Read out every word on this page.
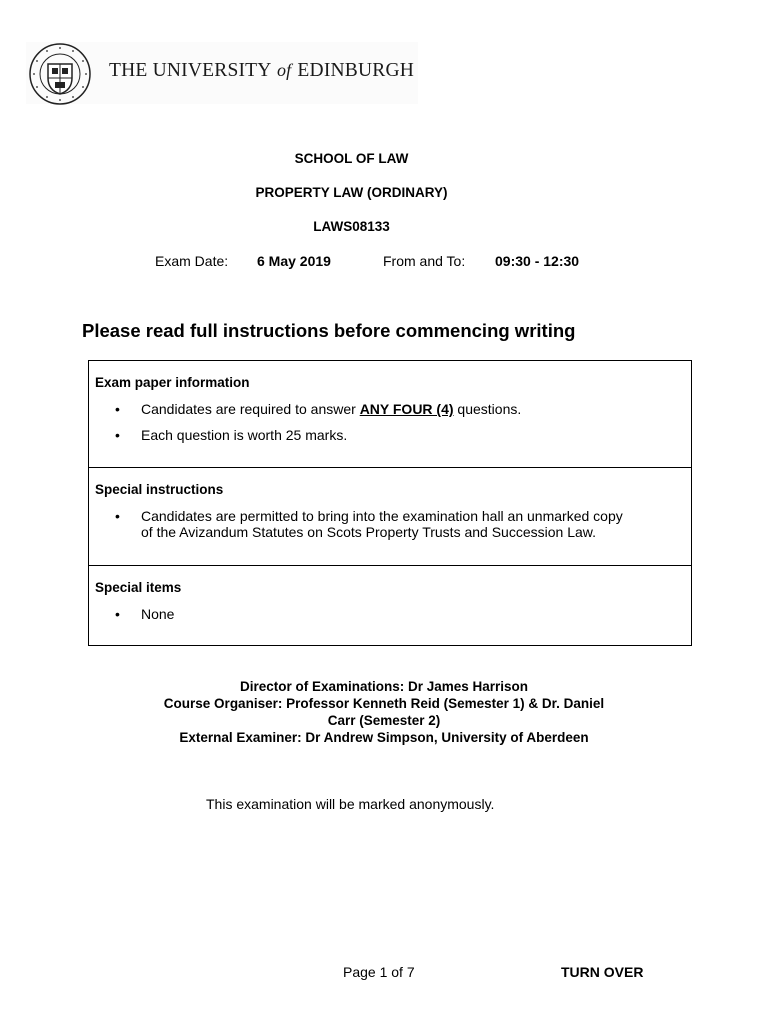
THE UNIVERSITY of EDINBURGH
SCHOOL OF LAW
PROPERTY LAW (ORDINARY)
LAWS08133
Exam Date: 6 May 2019	From and To: 09:30 - 12:30
Please read full instructions before commencing writing
Exam paper information
• Candidates are required to answer ANY FOUR (4) questions.
• Each question is worth 25 marks.
Special instructions
• Candidates are permitted to bring into the examination hall an unmarked copy
of the Avizandum Statutes on Scots Property Trusts and Succession Law.
Special items
• None
Director of Examinations: Dr James Harrison
Course Organiser: Professor Kenneth Reid (Semester 1) & Dr. Daniel
Carr (Semester 2)
External Examiner: Dr Andrew Simpson, University of Aberdeen
This examination will be marked anonymously.
Page 1 of 7	TURN OVER
